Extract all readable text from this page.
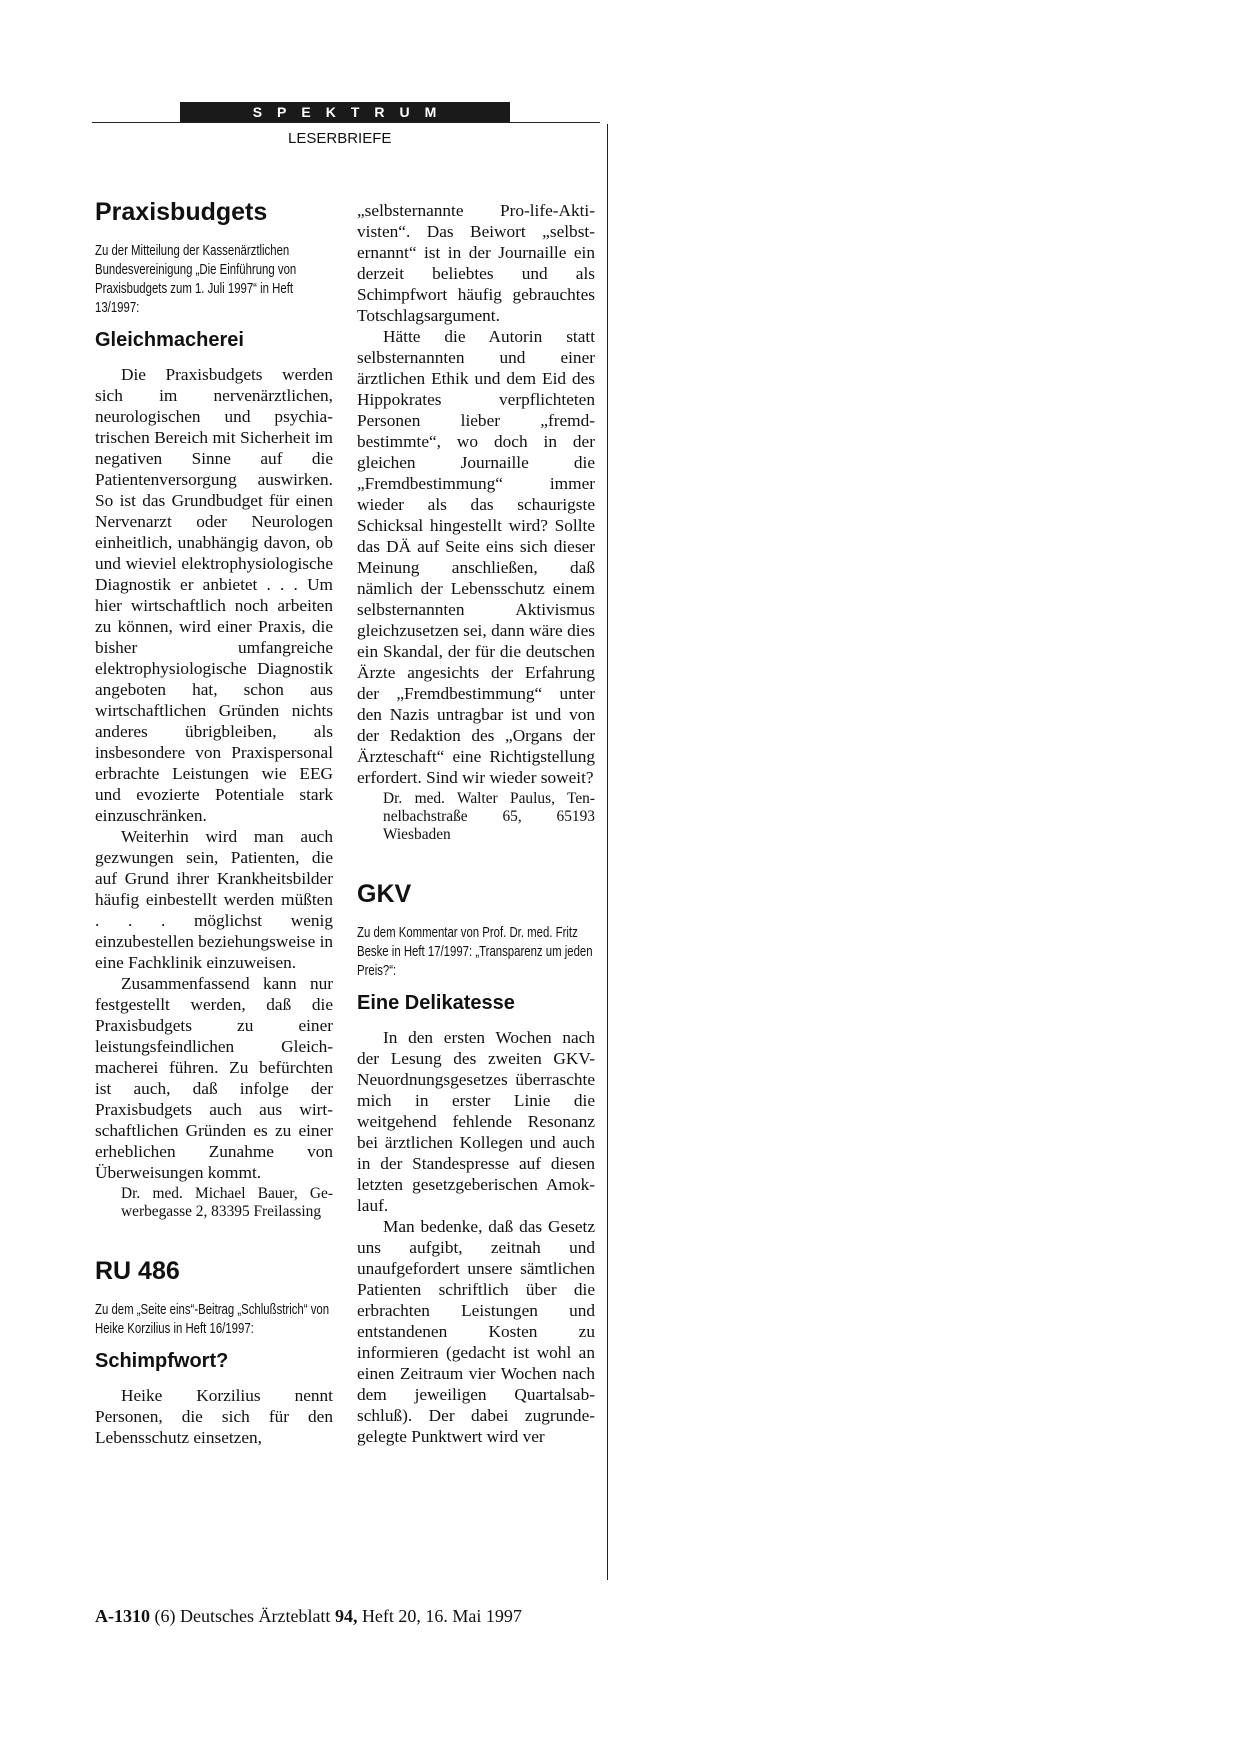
SPEKTRUM
LESERBRIEFE
Praxisbudgets
Zu der Mitteilung der Kassenärztlichen Bundesvereinigung „Die Einführung von Praxisbudgets zum 1. Juli 1997“ in Heft 13/1997:
Gleichmacherei

Die Praxisbudgets werden sich im nervenärztlichen, neurologischen und psychiatrischen Bereich mit Sicherheit im negativen Sinne auf die Patientenversorgung auswirken. So ist das Grundbudget für einen Nervenarzt oder Neurologen einheitlich, unabhängig davon, ob und wieviel elektrophysiologische Diagnostik er anbietet . . . Um hier wirtschaftlich noch arbeiten zu können, wird einer Praxis, die bisher umfangreiche elektrophysiologische Diagnostik angeboten hat, schon aus wirtschaftlichen Gründen nichts anderes übrigbleiben, als insbesondere von Praxispersonal erbrachte Leistungen wie EEG und evozierte Potentiale stark einzuschränken.

Weiterhin wird man auch gezwungen sein, Patienten, die auf Grund ihrer Krankheitsbilder häufig einbestellt werden müßten . . . möglichst wenig einzubestellen beziehungsweise in eine Fachklinik einzuweisen.

Zusammenfassend kann nur festgestellt werden, daß die Praxisbudgets zu einer leistungsfeindlichen Gleichmacherei führen. Zu befürchten ist auch, daß infolge der Praxisbudgets auch aus wirtschaftlichen Gründen es zu einer erheblichen Zunahme von Überweisungen kommt.

Dr. med. Michael Bauer, Gewerbegasse 2, 83395 Freilassing

RU 486
Zu dem „Seite eins“-Beitrag „Schlußstrich“ von Heike Korzilius in Heft 16/1997:
Schimpfwort?

Heike Korzilius nennt Personen, die sich für den Lebensschutz einsetzen,

„selbsternannte Pro-life-Aktivisten“. Das Beiwort „selbsternannt“ ist in der Journaille ein derzeit beliebtes und als Schimpfwort häufig gebrauchtes Totschlagsargument.

Hätte die Autorin statt selbsternannten und einer ärztlichen Ethik und dem Eid des Hippokrates verpflichteten Personen lieber „fremdbestimmte“, wo doch in der gleichen Journaille die „Fremdbestimmung“ immer wieder als das schaurigste Schicksal hingestellt wird? Sollte das DÄ auf Seite eins sich dieser Meinung anschließen, daß nämlich der Lebensschutz einem selbsternannten Aktivismus gleichzusetzen sei, dann wäre dies ein Skandal, der für die deutschen Ärzte angesichts der Erfahrung der „Fremdbestimmung“ unter den Nazis untragbar ist und von der Redaktion des „Organs der Ärzteschaft“ eine Richtigstellung erfordert. Sind wir wieder soweit?

Dr. med. Walter Paulus, Tennelbachstraße 65, 65193 Wiesbaden

GKV
Zu dem Kommentar von Prof. Dr. med. Fritz Beske in Heft 17/1997: „Transparenz um jeden Preis?“:
Eine Delikatesse

In den ersten Wochen nach der Lesung des zweiten GKV-Neuordnungsgesetzes überraschte mich in erster Linie die weitgehend fehlende Resonanz bei ärztlichen Kollegen und auch in der Standespresse auf diesen letzten gesetzgeberischen Amoklauf.

Man bedenke, daß das Gesetz uns aufgibt, zeitnah und unaufgefordert unsere sämtlichen Patienten schriftlich über die erbrachten Leistungen und entstandenen Kosten zu informieren (gedacht ist wohl an einen Zeitraum vier Wochen nach dem jeweiligen Quartalsabschluß). Der dabei zugrundegelegte Punktwert wird ver

A-1310 (6) Deutsches Ärzteblatt 94, Heft 20, 16. Mai 1997
